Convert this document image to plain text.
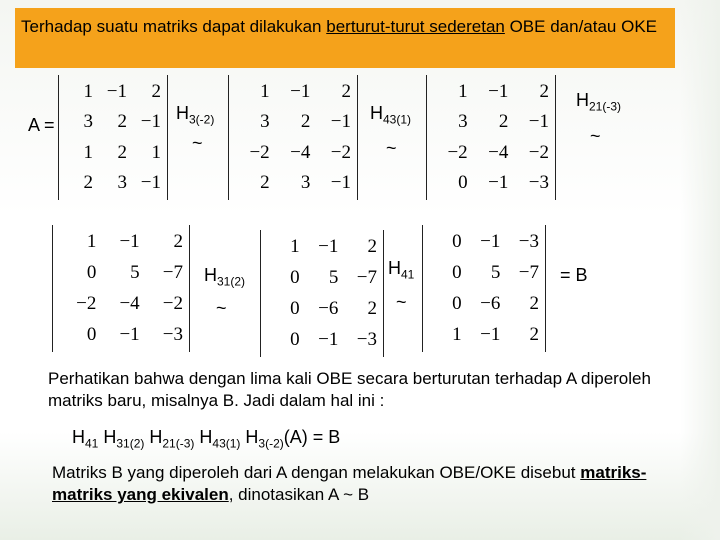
Terhadap suatu matriks dapat dilakukan berturut-turut sederetan OBE dan/atau OKE
A =
1 −1	2
3	2 −1
1	2	1
2	3 −1
$H_{3(-2)}$
~
1	−1	2
3	2	−1
−2	−4	−2
2	3	−1
$H_{43(1)}$
~
1	−1	2
3	2	−1
−2	−4	−2
0	−1	−3
$H_{21(-3)}$
~
1	−1	2
0	5	−7
−2	−4	−2
0	−1	−3
$H_{31(2)}$
~
1 −1	2
0	5 −7
0 −6	2
0 −1 −3
$H_{41}$
~
0 −1 −3
0	5 −7
0 −6	2
1 −1	2
= B
Perhatikan bahwa dengan lima kali OBE secara berturutan terhadap A diperoleh matriks baru, misalnya B. Jadi dalam hal ini :
$H_{41}$ $H_{31(2)}$ $H_{21(-3)}$ $H_{43(1)}$ $H_{3(-2)}(A) = B$
Matriks B yang diperoleh dari A dengan melakukan OBE/OKE disebut matriks-matriks yang ekivalen, dinotasikan A ~ B
